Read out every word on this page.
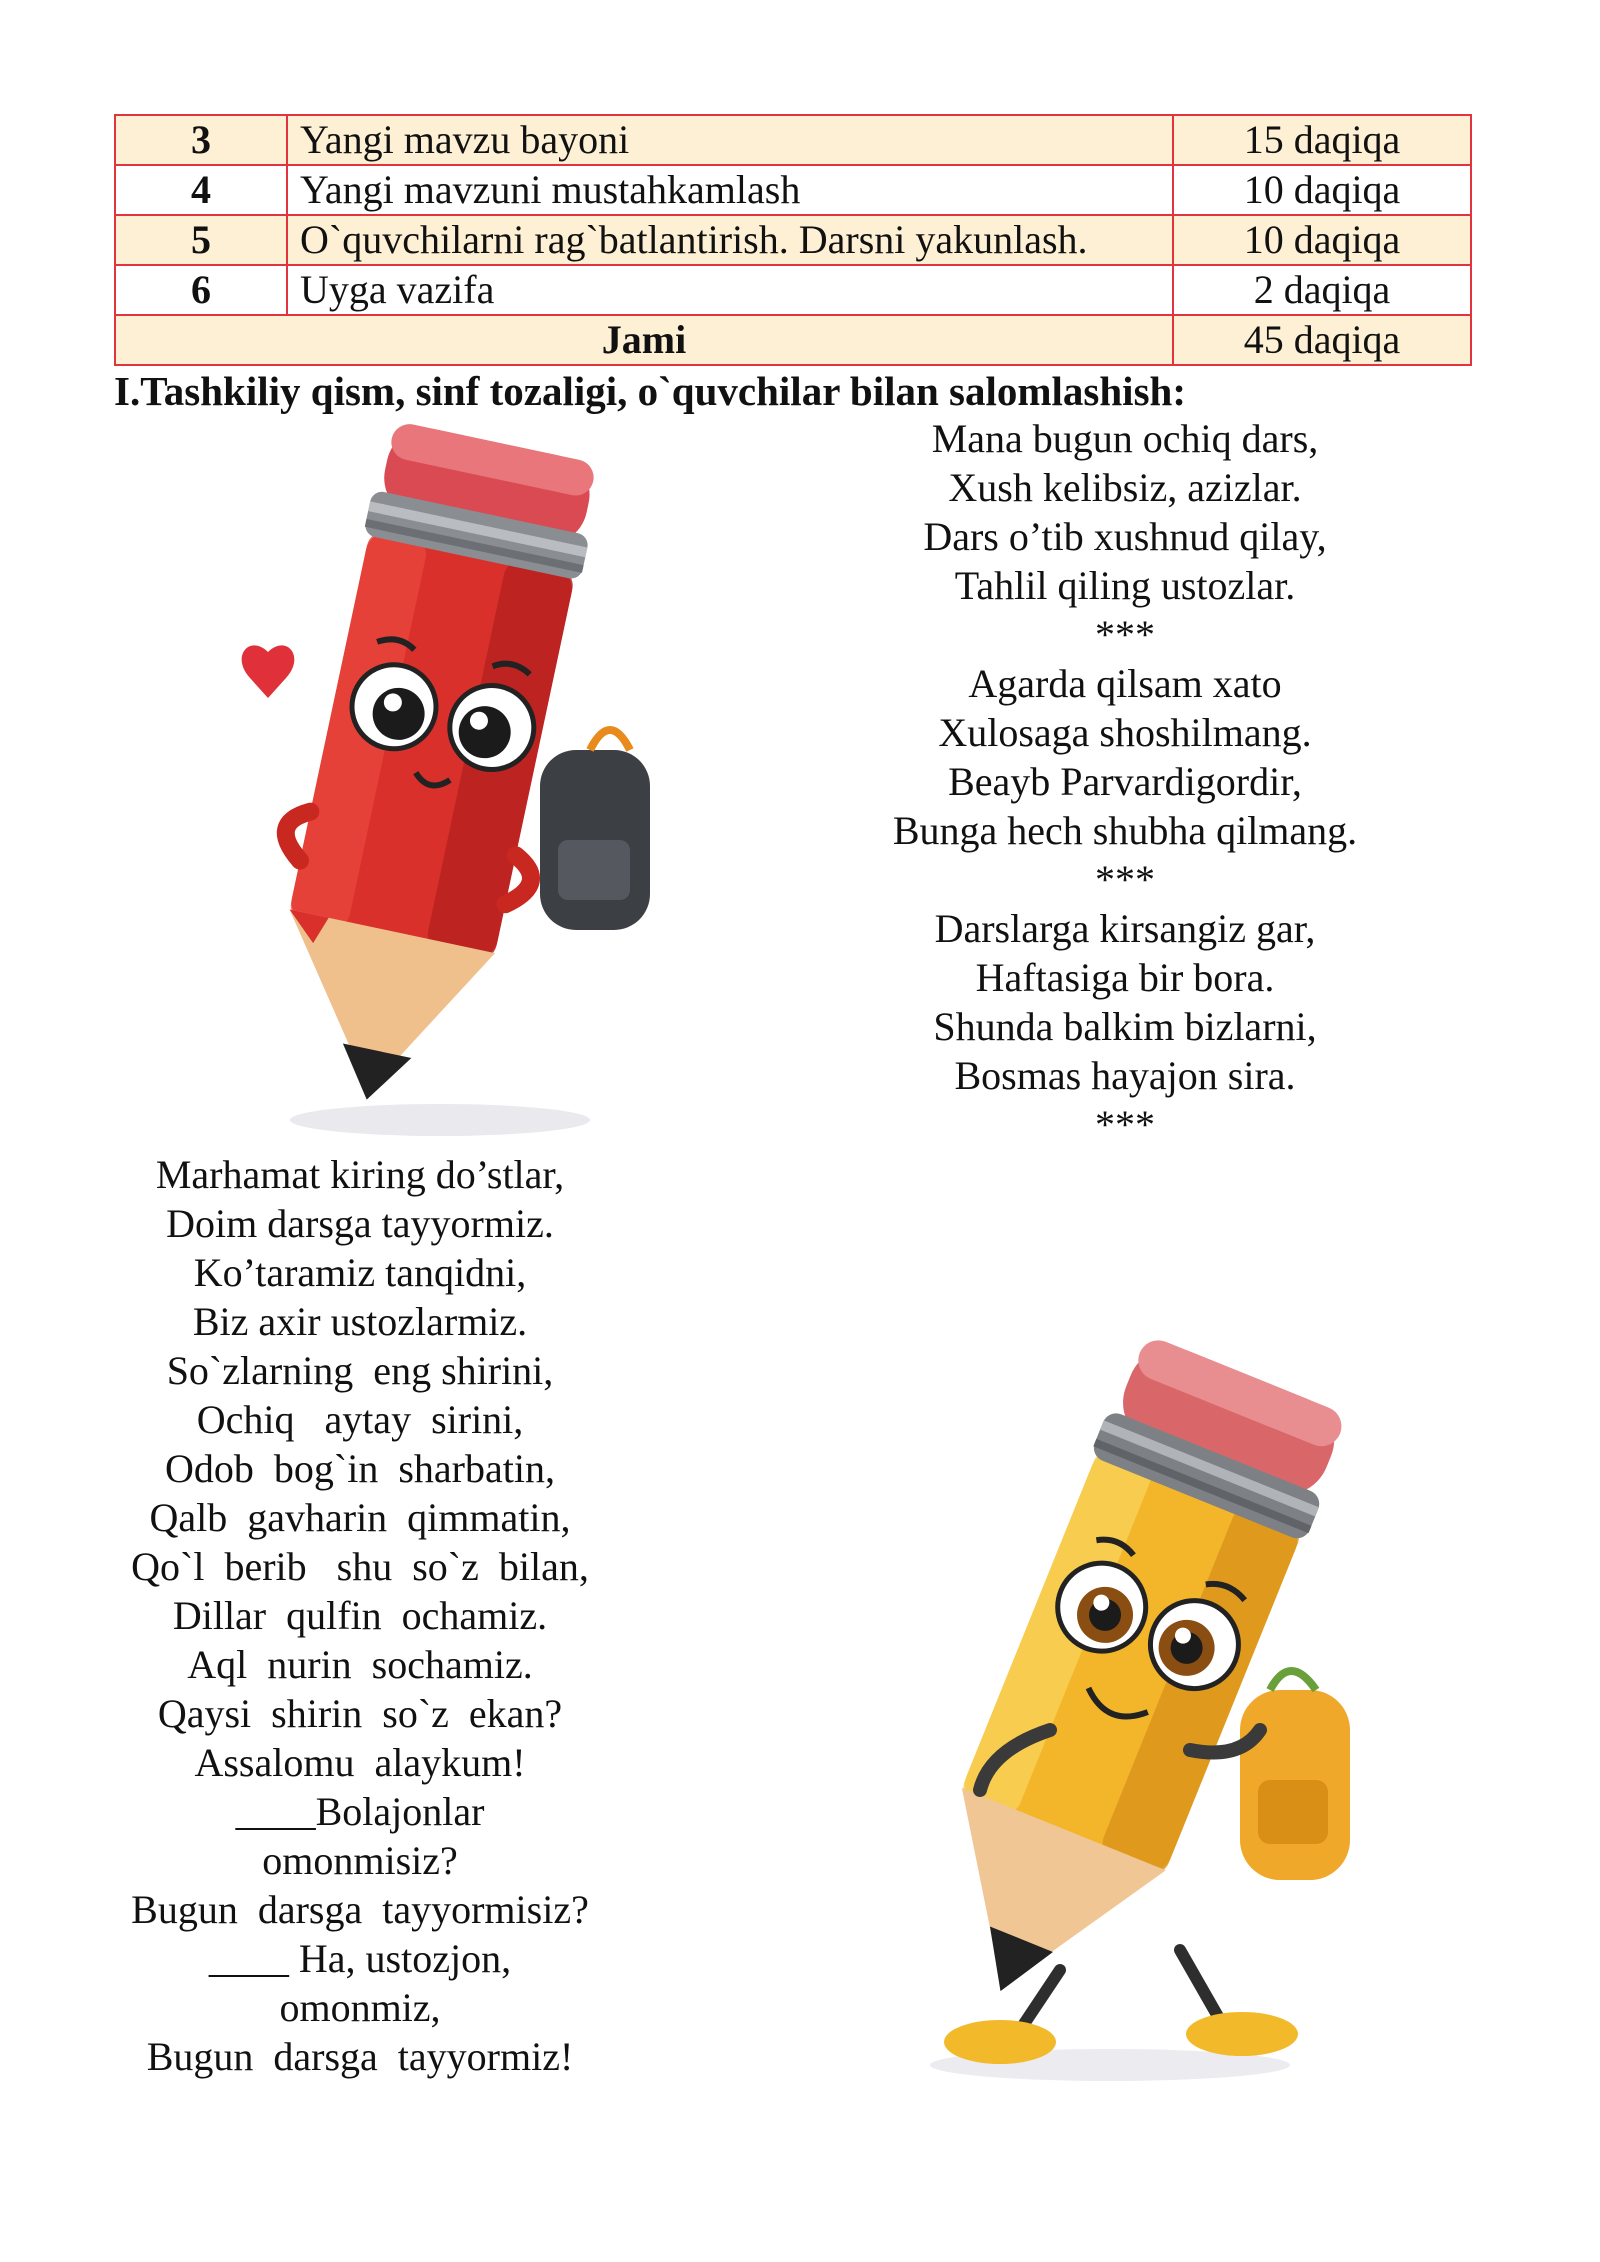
3	Yangi mavzu bayoni	15 daqiqa
4	Yangi mavzuni mustahkamlash	10 daqiqa
5	O`quvchilarni rag`batlantirish. Darsni yakunlash.	10 daqiqa
6	Uyga vazifa	2 daqiqa
Jami		45 daqiqa
I.Tashkiliy qism, sinf tozaligi, o`quvchilar bilan salomlashish:
Mana bugun ochiq dars,
Xush kelibsiz, azizlar.
Dars o’tib xushnud qilay,
Tahlil qiling ustozlar.
***
Agarda qilsam xato
Xulosaga shoshilmang.
Beayb Parvardigordir,
Bunga hech shubha qilmang.
***
Darslarga kirsangiz gar,
Haftasiga bir bora.
Shunda balkim bizlarni,
Bosmas hayajon sira.
***
Marhamat kiring do’stlar,
Doim darsga tayyormiz.
Ko’taramiz tanqidni,
Biz axir ustozlarmiz.
So`zlarning  eng shirini,
Ochiq   aytay  sirini,
Odob  bog`in  sharbatin,
Qalb  gavharin  qimmatin,
Qo`l  berib   shu  so`z  bilan,
Dillar  qulfin  ochamiz.
Aql  nurin  sochamiz.
Qaysi  shirin  so`z  ekan?
Assalomu  alaykum!
____Bolajonlar
omonmisiz?
Bugun  darsga  tayyormisiz?
____ Ha, ustozjon,
omonmiz,
Bugun  darsga  tayyormiz!
